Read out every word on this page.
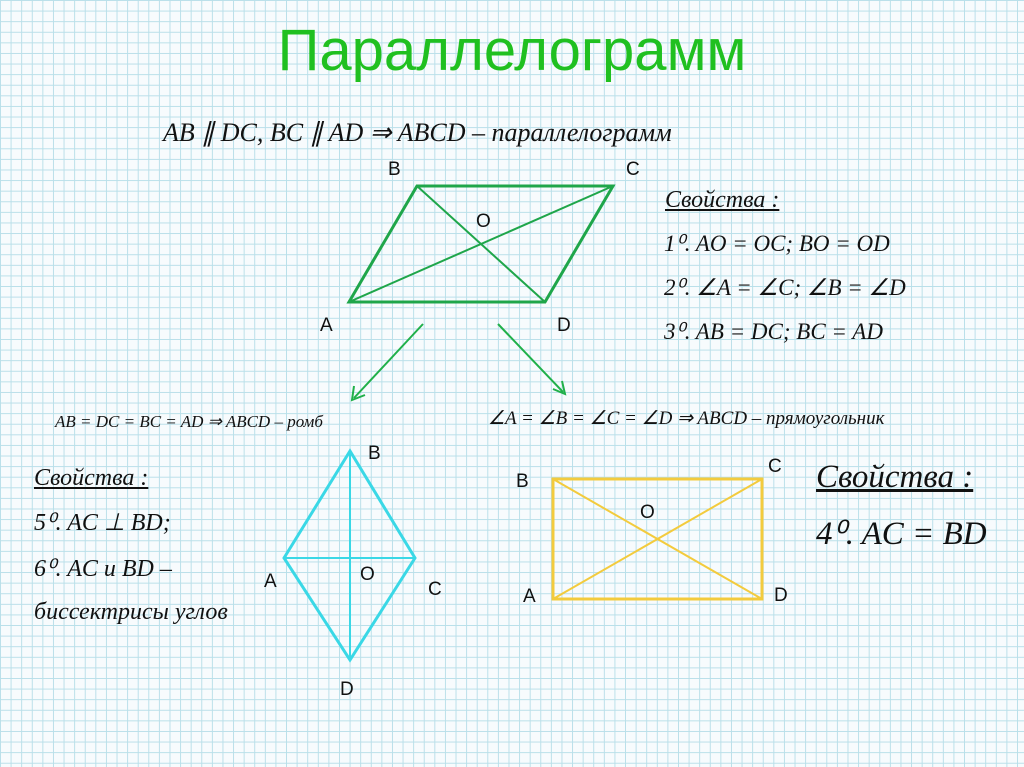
Параллелограмм
AB ∥ DC, BC ∥ AD ⇒ ABCD – параллелограмм
B	C
O
A	D
Свойства :
1⁰. AO = OC; BO = OD
2⁰. ∠A = ∠C; ∠B = ∠D
3⁰. AB = DC; BC = AD
AB = DC = BC = AD ⇒ ABCD – ромб
B
A	O
C
D
Свойства :
5⁰. AC ⊥ BD;
6⁰. AC и BD –
биссектрисы углов
∠A = ∠B = ∠C = ∠D ⇒ ABCD – прямоугольник
B
C
O
A	D
Свойства :
4⁰. AC = BD
